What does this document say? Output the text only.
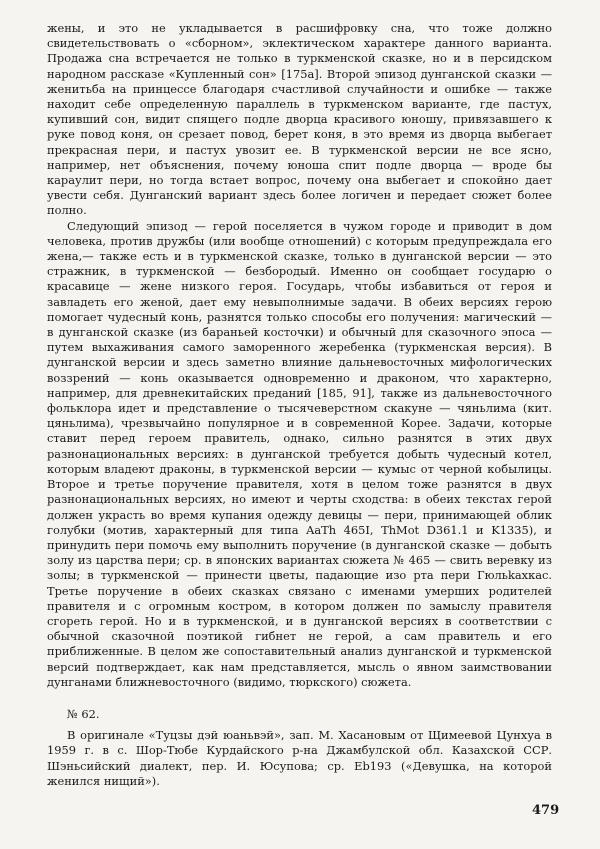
жены, и это не укладывается в расшифровку сна, что тоже должно свидетельствовать о «сборном», эклектическом характере данного варианта. Продажа сна встречается не только в туркменской сказке, но и в персидском народном рассказе «Купленный сон» [175а]. Второй эпизод дунганской сказки — женитьба на принцессе благодаря счастливой случайности и ошибке — также находит себе определенную параллель в туркменском варианте, где пастух, купивший сон, видит спящего подле дворца красивого юношу, привязавшего к руке повод коня, он срезает повод, берет коня, в это время из дворца выбегает прекрасная пери, и пастух увозит ее. В туркменской версии не все ясно, например, нет объяснения, почему юноша спит подле дворца — вроде бы караулит пери, но тогда встает вопрос, почему она выбегает и спокойно дает увести себя. Дунганский вариант здесь более логичен и передает сюжет более полно.

Следующий эпизод — герой поселяется в чужом городе и приводит в дом человека, против дружбы (или вообще отношений) с которым предупреждала его жена,— также есть и в туркменской сказке, только в дунганской версии — это стражник, в туркменской — безбородый. Именно он сообщает государю о красавице — жене низкого героя. Государь, чтобы избавиться от героя и завладеть его женой, дает ему невыполнимые задачи. В обеих версиях герою помогает чудесный конь, разнятся только способы его получения: магический — в дунганской сказке (из бараньей косточки) и обычный для сказочного эпоса — путем выхаживания самого заморенного жеребенка (туркменская версия). В дунганской версии и здесь заметно влияние дальневосточных мифологических воззрений — конь оказывается одновременно и драконом, что характерно, например, для древнекитайских преданий [185, 91], также из дальневосточного фольклора идет и представление о тысячеверстном скакуне — чяньлима (кит. цяньлима), чрезвычайно популярное и в современной Корее. Задачи, которые ставит перед героем правитель, однако, сильно разнятся в этих двух разнонациональных версиях: в дунганской требуется добыть чудесный котел, которым владеют драконы, в туркменской версии — кумыс от черной кобылицы. Второе и третье поручение правителя, хотя в целом тоже разнятся в двух разнонациональных версиях, но имеют и черты сходства: в обеих текстах герой должен украсть во время купания одежду девицы — пери, принимающей облик голубки (мотив, характерный для типа AaTh 465I, ThMot D361.1 и K1335), и принудить пери помочь ему выполнить поручение (в дунганской сказке — добыть золу из царства пери; ср. в японских вариантах сюжета № 465 — свить веревку из золы; в туркменской — принести цветы, падающие изо рта пери Гюльkахкас. Третье поручение в обеих сказках связано с именами умерших родителей правителя и с огромным костром, в котором должен по замыслу правителя сгореть герой. Но и в туркменской, и в дунганской версиях в соответствии с обычной сказочной поэтикой гибнет не герой, а сам правитель и его приближенные. В целом же сопоставительный анализ дунганской и туркменской версий подтверждает, как нам представляется, мысль о явном заимствовании дунганами ближневосточного (видимо, тюркского) сюжета.

№ 62.

В оригинале «Туцзы дэй юаньвэй», зап. М. Хасановым от Щимеевой Цунхуа в 1959 г. в с. Шор-Тюбе Курдайского р-на Джамбулской обл. Казахской ССР. Шэньсийский диалект, пер. И. Юсупова; ср. Eb193 («Девушка, на которой женился нищий»).

479
